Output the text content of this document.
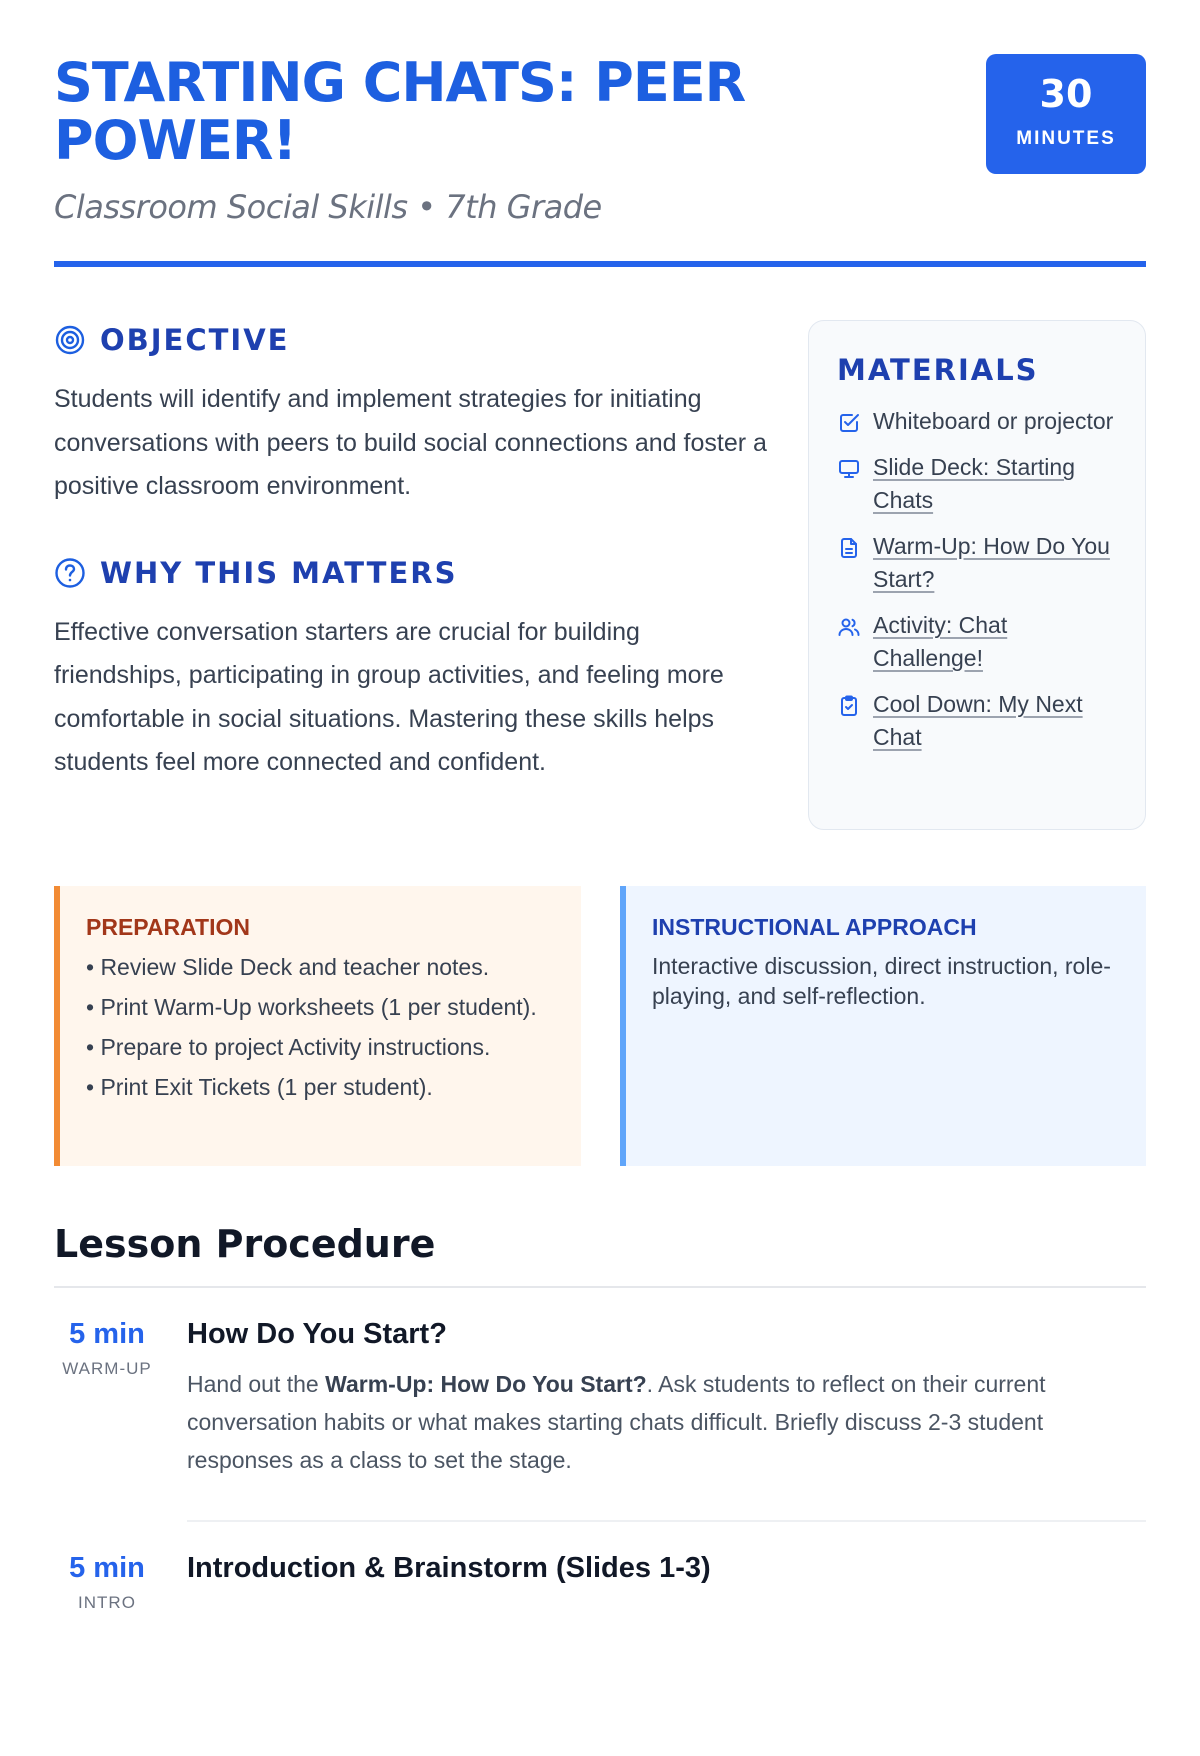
STARTING CHATS: PEER POWER!
Classroom Social Skills • 7th Grade
30
MINUTES
OBJECTIVE

Students will identify and implement strategies for initiating conversations with peers to build social connections and foster a positive classroom environment.

WHY THIS MATTERS

Effective conversation starters are crucial for building friendships, participating in group activities, and feeling more comfortable in social situations. Mastering these skills helps students feel more connected and confident.

MATERIALS
Whiteboard or projector
Slide Deck: Starting Chats
Warm-Up: How Do You Start?
Activity: Chat Challenge!
Cool Down: My Next Chat
PREPARATION
• Review Slide Deck and teacher notes.
• Print Warm-Up worksheets (1 per student).
• Prepare to project Activity instructions.
• Print Exit Tickets (1 per student).
INSTRUCTIONAL APPROACH
Interactive discussion, direct instruction, role-playing, and self-reflection.
Lesson Procedure
5 min
WARM-UP
How Do You Start?

Hand out the Warm-Up: How Do You Start?. Ask students to reflect on their current conversation habits or what makes starting chats difficult. Briefly discuss 2-3 student responses as a class to set the stage.

5 min
INTRO
Introduction & Brainstorm (Slides 1-3)
